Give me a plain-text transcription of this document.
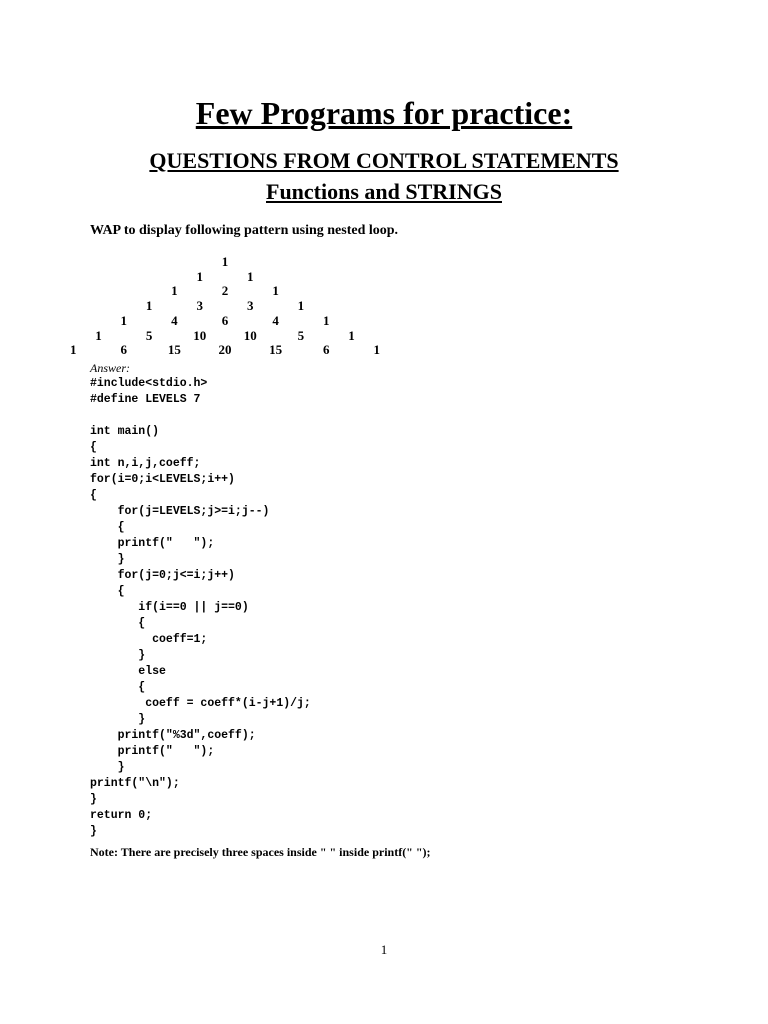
Few Programs for practice:
QUESTIONS FROM CONTROL STATEMENTS
Functions and STRINGS
WAP to display following pattern using nested loop.
1
1	1
1	2	1
1	3	3	1
1	4	6	4	1
1	5	10	10	5	1
1	6	15	20	15	6	1
Answer:
#include<stdio.h>
#define LEVELS 7

int main()
{
int n,i,j,coeff;
for(i=0;i<LEVELS;i++)
{
for(j=LEVELS;j>=i;j--)
{
printf("   ");
}
for(j=0;j<=i;j++)
{
if(i==0 || j==0)
{
coeff=1;
}
else
{
coeff = coeff*(i-j+1)/j;
}
printf("%3d",coeff);
printf("   ");
}
printf("\n");
}
return 0;
}
Note: There are precisely three spaces inside " " inside printf(" ");
1
